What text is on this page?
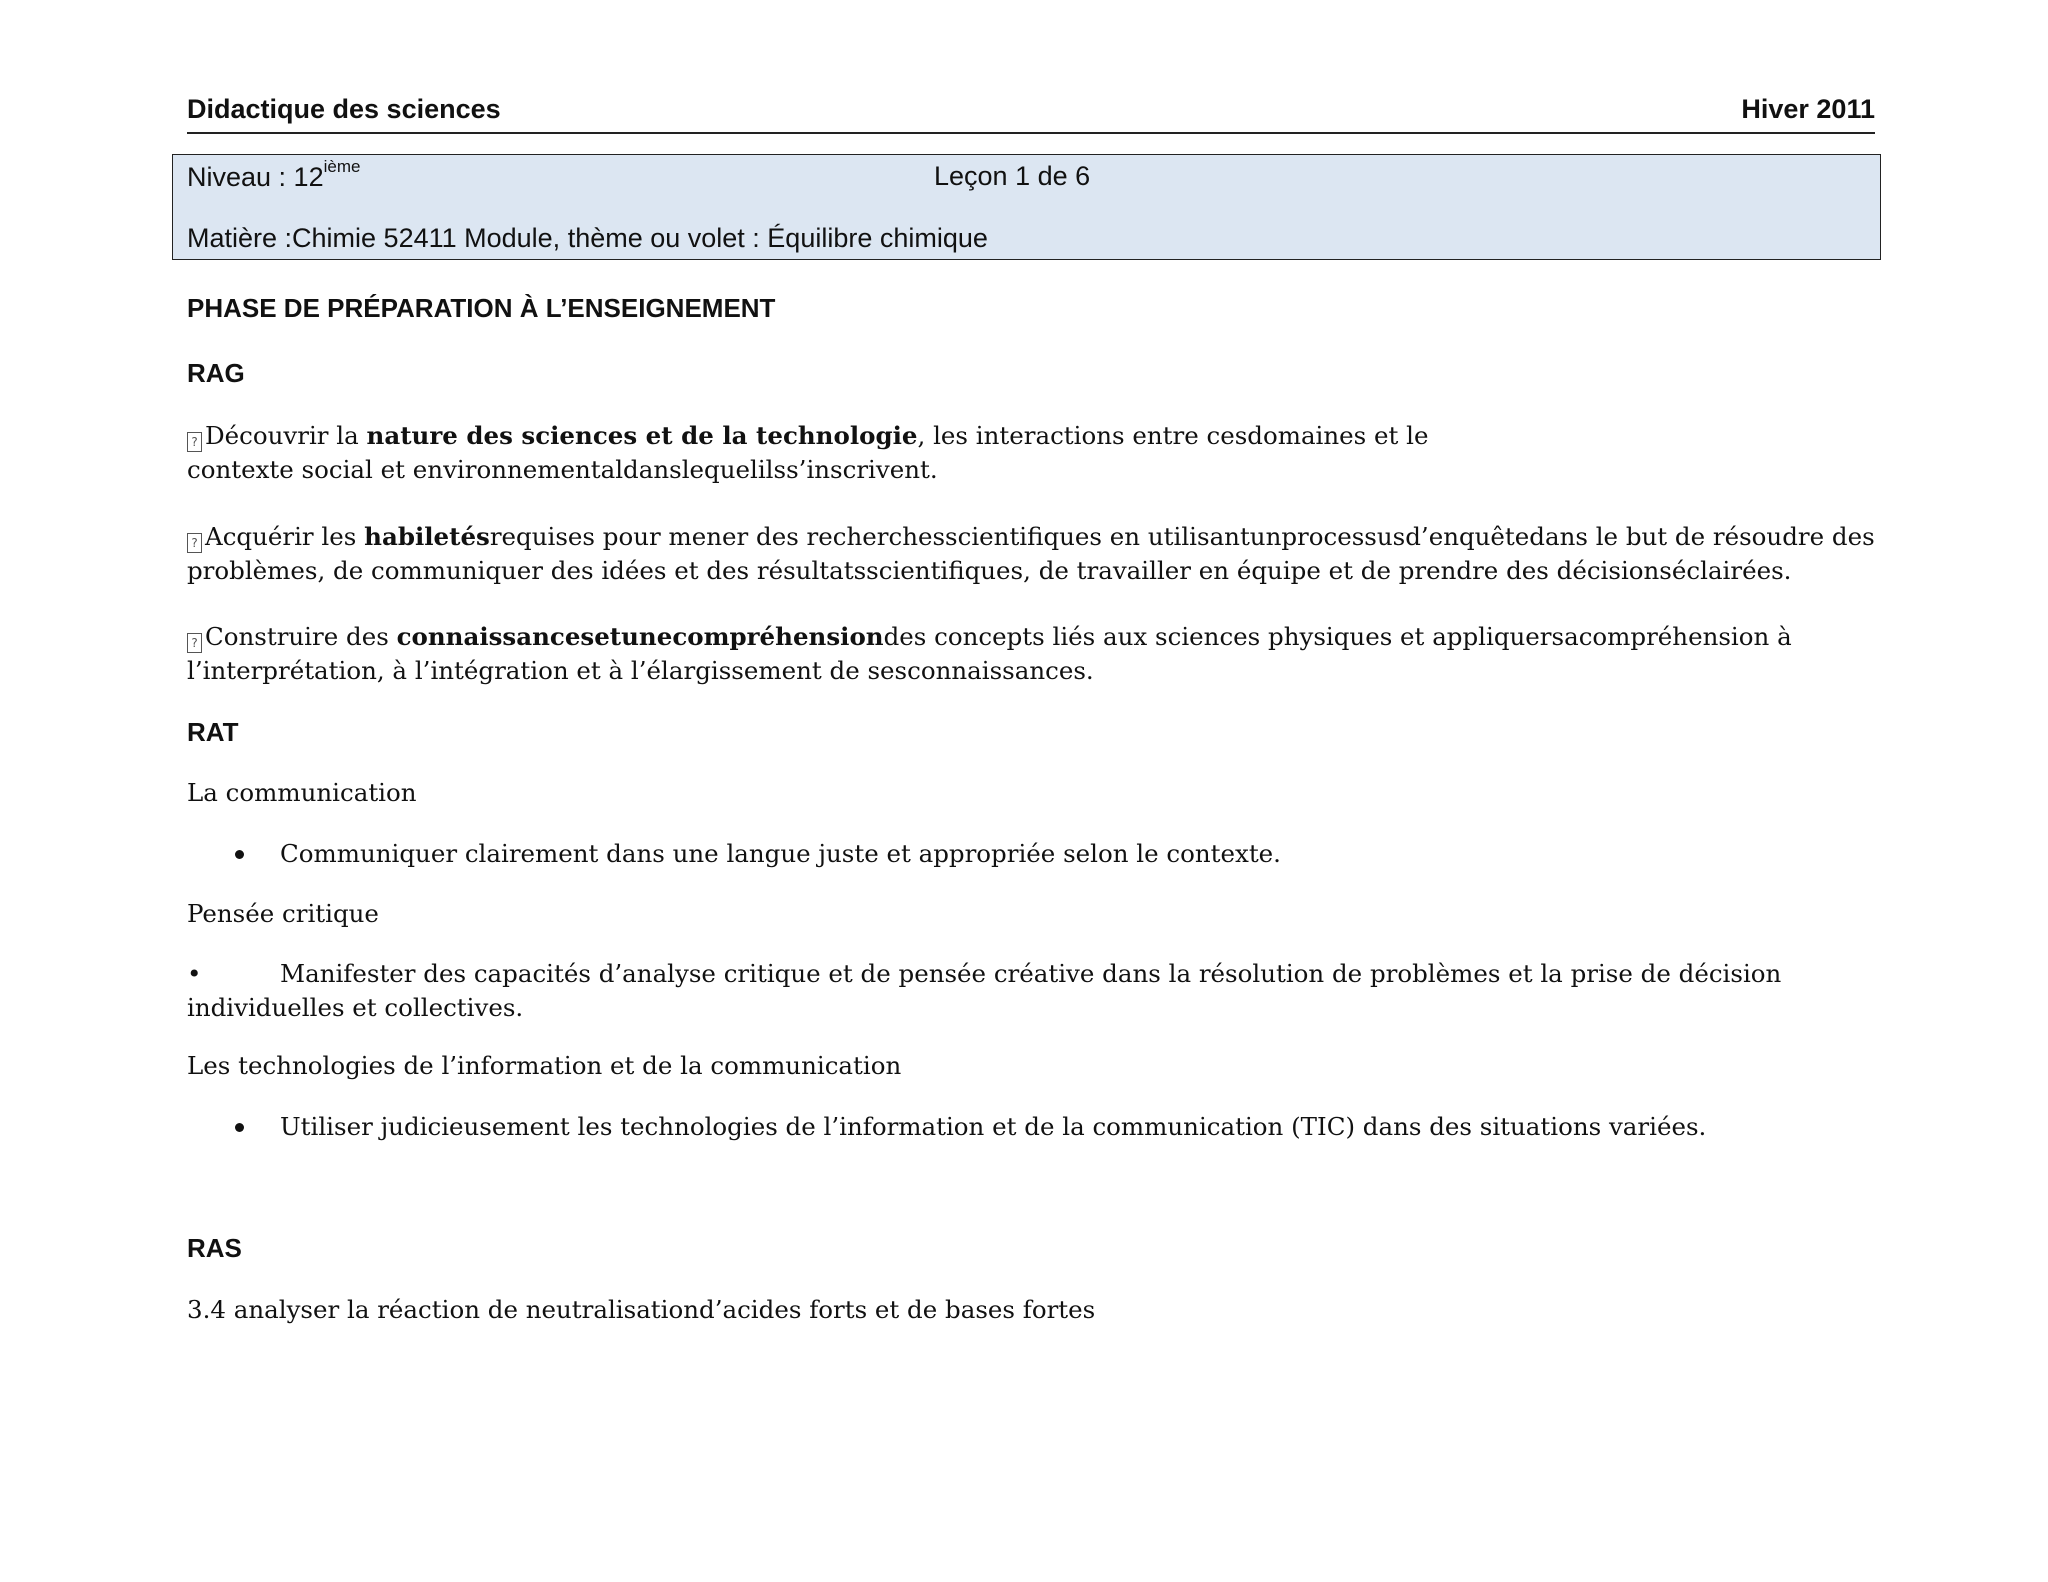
Didactique des sciences	Hiver 2011
Niveau : 12ième	Leçon 1 de 6
Matière :Chimie 52411 Module, thème ou volet : Équilibre chimique
PHASE DE PRÉPARATION À L’ENSEIGNEMENT
RAG
? Découvrir la nature des sciences et de la technologie, les interactions entre cesdomaines et le
contexte social et environnementaldanslequelilss’inscrivent.
? Acquérir les habiletésrequises pour mener des recherchesscientifiques en utilisantunprocessusd’enquêtedans le but de résoudre des
problèmes, de communiquer des idées et des résultatsscientifiques, de travailler en équipe et de prendre des décisionséclairées.
? Construire des connaissancesetunecompréhensiondes concepts liés aux sciences physiques et appliquersacompréhension à
l’interprétation, à l’intégration et à l’élargissement de sesconnaissances.
RAT
La communication
Communiquer clairement dans une langue juste et appropriée selon le contexte.
Pensée critique
•	Manifester des capacités d’analyse critique et de pensée créative dans la résolution de problèmes et la prise de décision
individuelles et collectives.
Les technologies de l’information et de la communication
Utiliser judicieusement les technologies de l’information et de la communication (TIC) dans des situations variées.
RAS
3.4 analyser la réaction de neutralisationd’acides forts et de bases fortes
